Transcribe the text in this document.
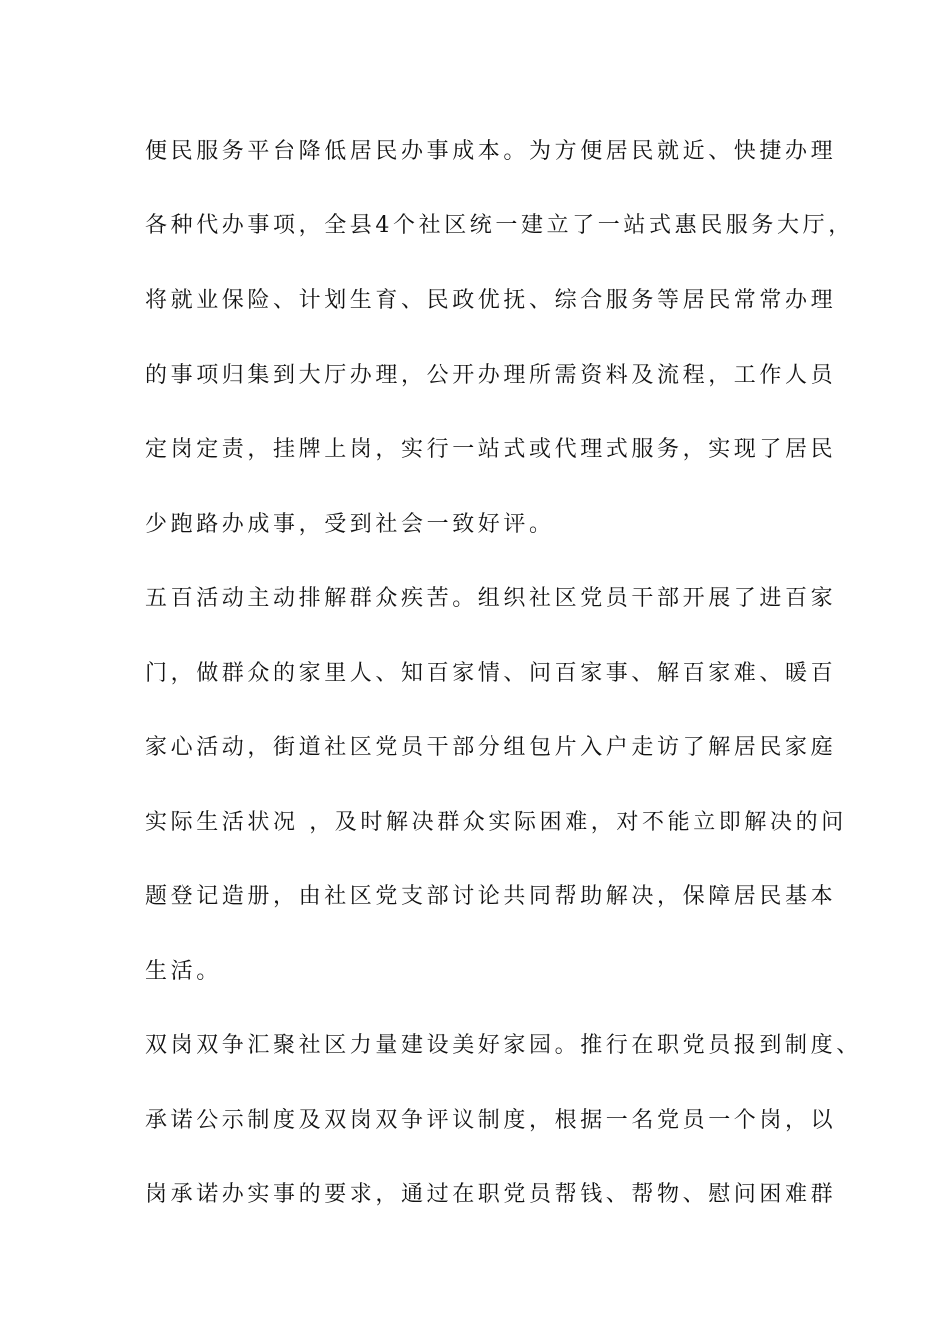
便民服务平台降低居民办事成本。为方便居民就近、快捷办理
各种代办事项，全县4个社区统一建立了一站式惠民服务大厅，
将就业保险、计划生育、民政优抚、综合服务等居民常常办理
的事项归集到大厅办理，公开办理所需资料及流程，工作人员
定岗定责，挂牌上岗，实行一站式或代理式服务，实现了居民
少跑路办成事，受到社会一致好评。
五百活动主动排解群众疾苦。组织社区党员干部开展了进百家
门，做群众的家里人、知百家情、问百家事、解百家难、暖百
家心活动，街道社区党员干部分组包片入户走访了解居民家庭
实际生活状况 ，及时解决群众实际困难，对不能立即解决的问
题登记造册，由社区党支部讨论共同帮助解决，保障居民基本
生活。
双岗双争汇聚社区力量建设美好家园。推行在职党员报到制度、
承诺公示制度及双岗双争评议制度，根据一名党员一个岗，以
岗承诺办实事的要求，通过在职党员帮钱、帮物、慰问困难群
